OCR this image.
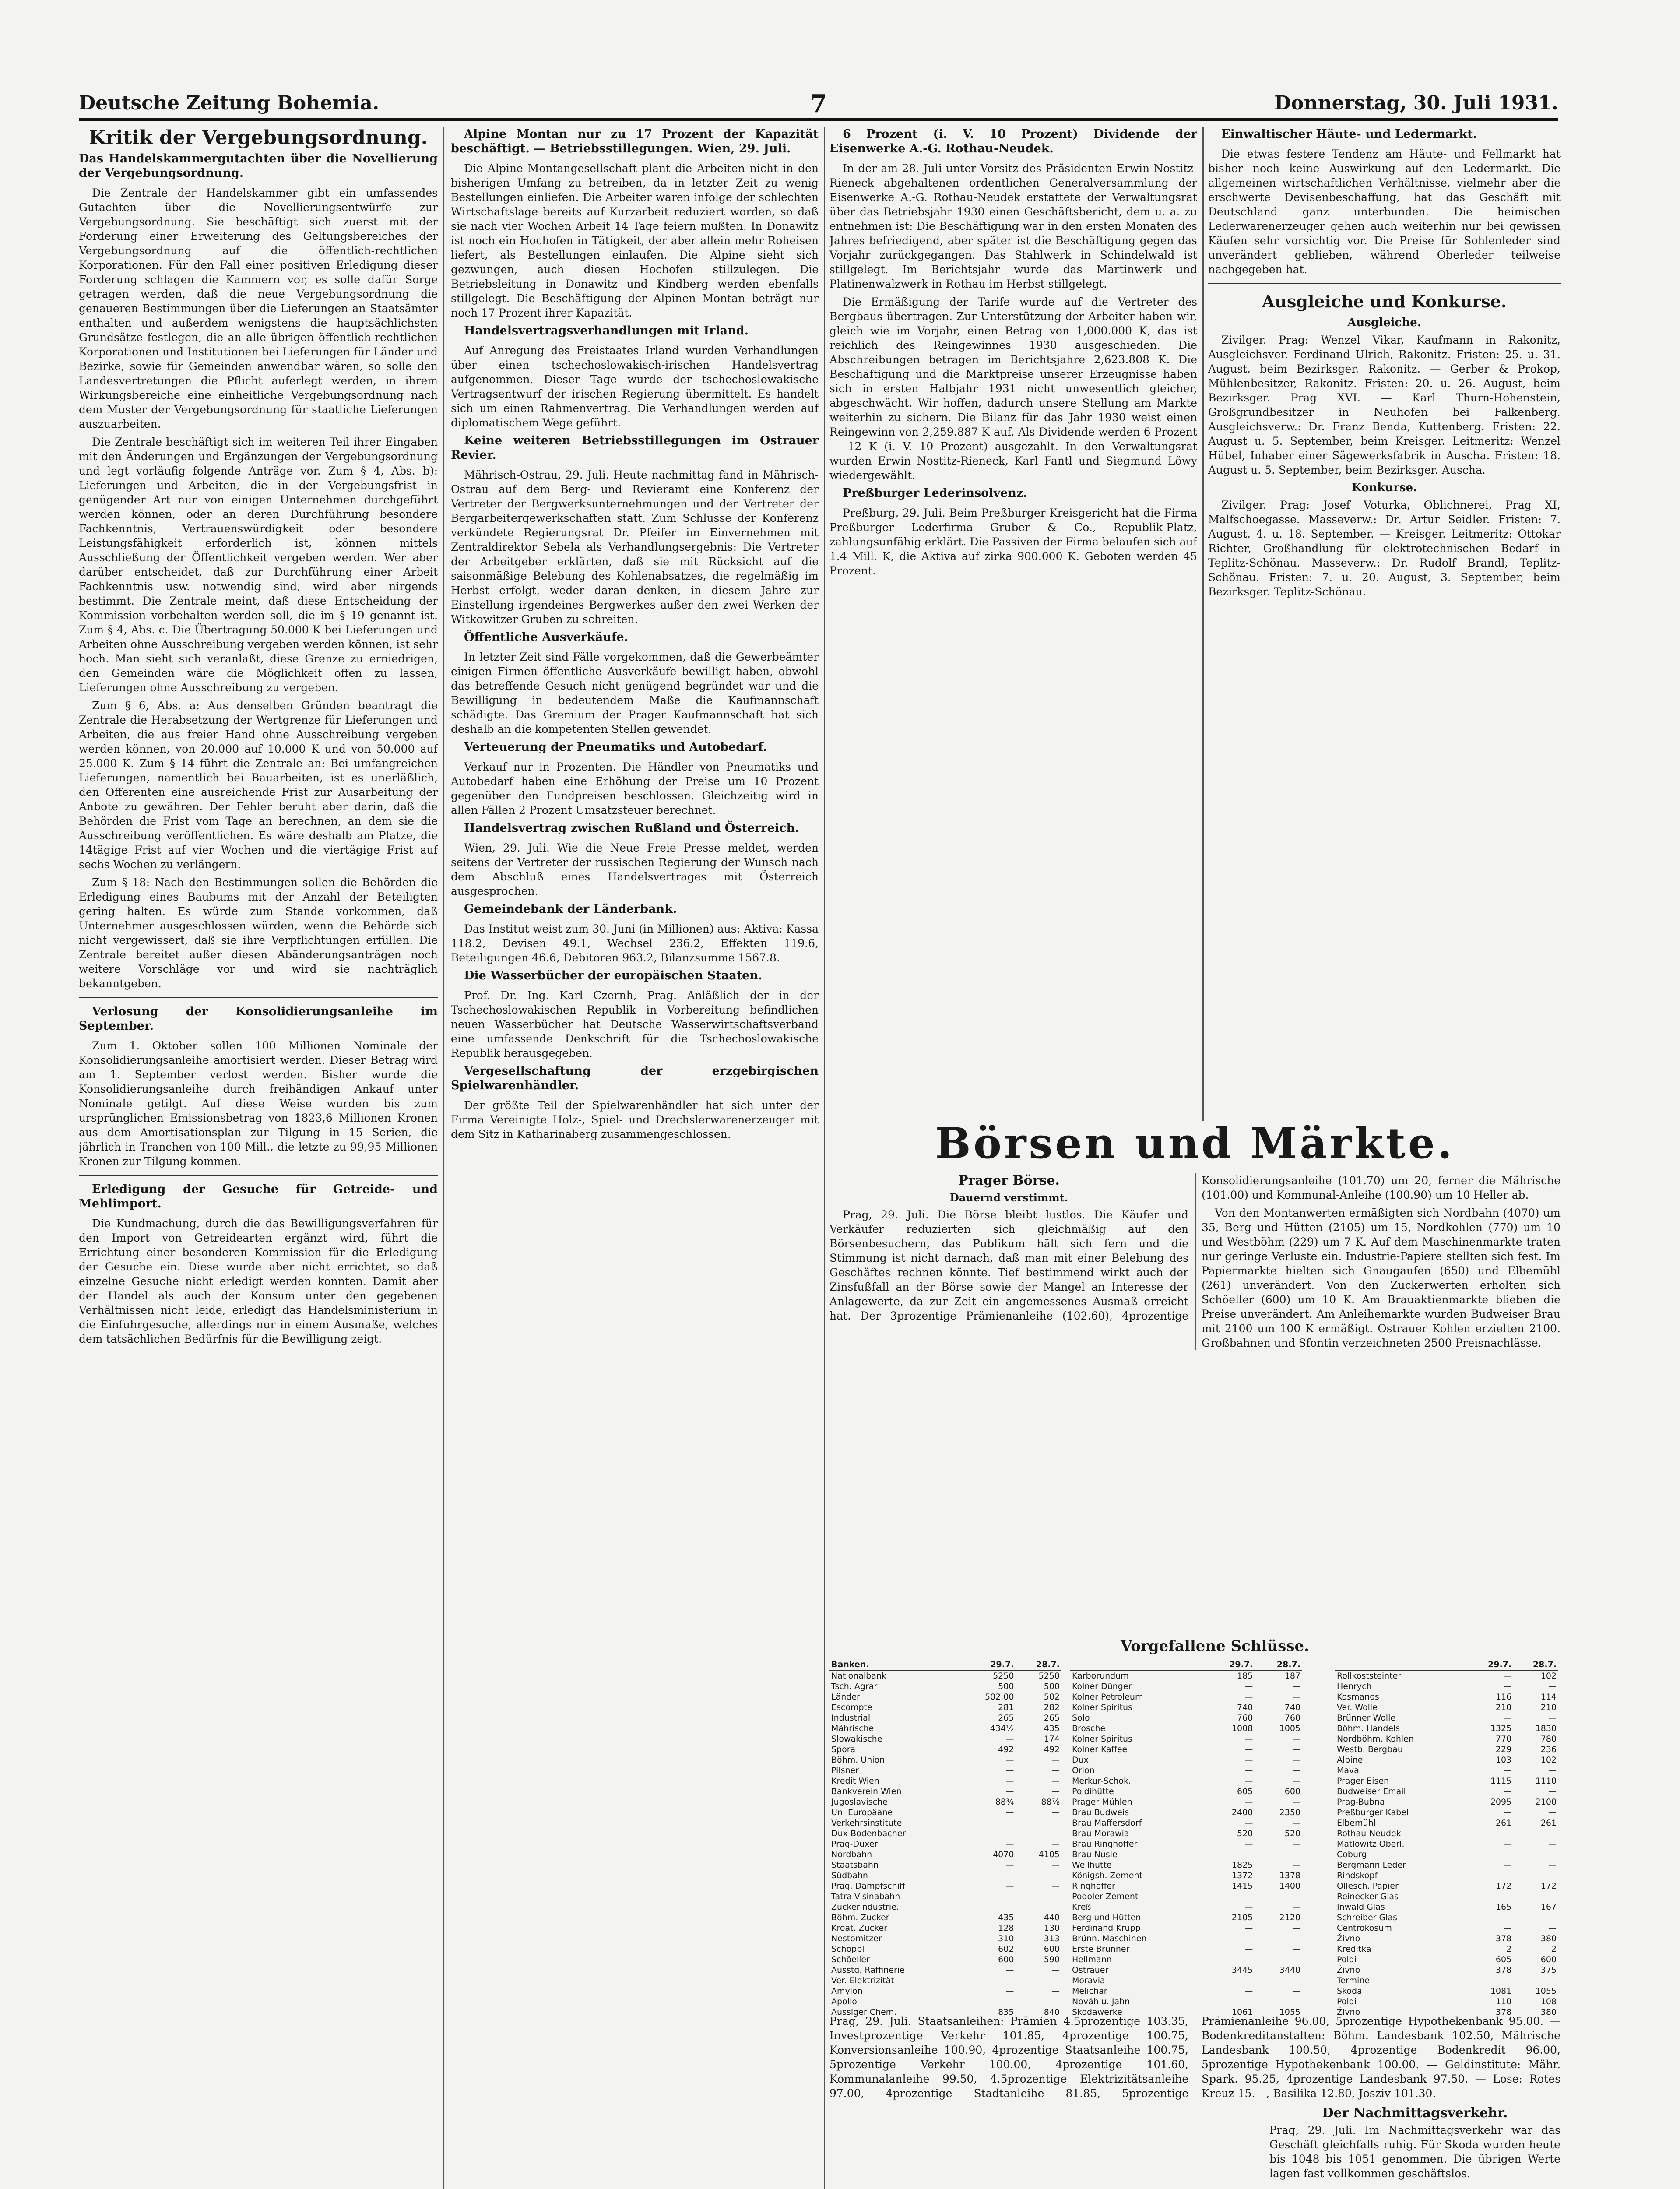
Deutsche Zeitung Bohemia.	7	Donnerstag, 30. Juli 1931.
Kritik der Vergebungsordnung.
Das Handelskammergutachten über die Novellierung der Vergebungsordnung.

Die Zentrale der Handelskammer gibt ein umfassendes Gutachten über die Novellierungsentwürfe zur Vergebungsordnung. Sie beschäftigt sich zuerst mit der Forderung einer Erweiterung des Geltungsbereiches der Vergebungsordnung auf die öffentlich-rechtlichen Korporationen. Für den Fall einer positiven Erledigung dieser Forderung schlagen die Kammern vor, es solle dafür Sorge getragen werden, daß die neue Vergebungsordnung die genaueren Bestimmungen über die Lieferungen an Staatsämter enthalten und außerdem wenigstens die hauptsächlichsten Grundsätze festlegen, die an alle übrigen öffentlich-rechtlichen Korporationen und Institutionen bei Lieferungen für Länder und Bezirke, sowie für Gemeinden anwendbar wären, so solle den Landesvertretungen die Pflicht auferlegt werden, in ihrem Wirkungsbereiche eine einheitliche Vergebungsordnung nach dem Muster der Vergebungsordnung für staatliche Lieferungen auszuarbeiten.

Die Zentrale beschäftigt sich im weiteren Teil ihrer Eingaben mit den Änderungen und Ergänzungen der Vergebungsordnung und legt vorläufig folgende Anträge vor. Zum § 4, Abs. b): Lieferungen und Arbeiten, die in der Vergebungsfrist in genügender Art nur von einigen Unternehmen durchgeführt werden können, oder an deren Durchführung besondere Fachkenntnis, Vertrauenswürdigkeit oder besondere Leistungsfähigkeit erforderlich ist, können mittels Ausschließung der Öffentlichkeit vergeben werden. Wer aber darüber entscheidet, daß zur Durchführung einer Arbeit Fachkenntnis usw. notwendig sind, wird aber nirgends bestimmt. Die Zentrale meint, daß diese Entscheidung der Kommission vorbehalten werden soll, die im § 19 genannt ist. Zum § 4, Abs. c. Die Übertragung 50.000 K bei Lieferungen und Arbeiten ohne Ausschreibung vergeben werden können, ist sehr hoch. Man sieht sich veranlaßt, diese Grenze zu erniedrigen, den Gemeinden wäre die Möglichkeit offen zu lassen, Lieferungen ohne Ausschreibung zu vergeben.

Zum § 6, Abs. a: Aus denselben Gründen beantragt die Zentrale die Herabsetzung der Wertgrenze für Lieferungen und Arbeiten, die aus freier Hand ohne Ausschreibung vergeben werden können, von 20.000 auf 10.000 K und von 50.000 auf 25.000 K. Zum § 14 führt die Zentrale an: Bei umfangreichen Lieferungen, namentlich bei Bauarbeiten, ist es unerläßlich, den Offerenten eine ausreichende Frist zur Ausarbeitung der Anbote zu gewähren. Der Fehler beruht aber darin, daß die Behörden die Frist vom Tage an berechnen, an dem sie die Ausschreibung veröffentlichen. Es wäre deshalb am Platze, die 14tägige Frist auf vier Wochen und die viertägige Frist auf sechs Wochen zu verlängern.

Zum § 18: Nach den Bestimmungen sollen die Behörden die Erledigung eines Baubums mit der Anzahl der Beteiligten gering halten. Es würde zum Stande vorkommen, daß Unternehmer ausgeschlossen würden, wenn die Behörde sich nicht vergewissert, daß sie ihre Verpflichtungen erfüllen. Die Zentrale bereitet außer diesen Abänderungsanträgen noch weitere Vorschläge vor und wird sie nachträglich bekanntgeben.

Verlosung der Konsolidierungsanleihe im September.

Zum 1. Oktober sollen 100 Millionen Nominale der Konsolidierungsanleihe amortisiert werden. Dieser Betrag wird am 1. September verlost werden. Bisher wurde die Konsolidierungsanleihe durch freihändigen Ankauf unter Nominale getilgt. Auf diese Weise wurden bis zum ursprünglichen Emissionsbetrag von 1823,6 Millionen Kronen aus dem Amortisationsplan zur Tilgung in 15 Serien, die jährlich in Tranchen von 100 Mill., die letzte zu 99,95 Millionen Kronen zur Tilgung kommen.

Erledigung der Gesuche für Getreide- und Mehlimport.

Die Kundmachung, durch die das Bewilligungsverfahren für den Import von Getreidearten ergänzt wird, führt die Errichtung einer besonderen Kommission für die Erledigung der Gesuche ein. Diese wurde aber nicht errichtet, so daß einzelne Gesuche nicht erledigt werden konnten. Damit aber der Handel als auch der Konsum unter den gegebenen Verhältnissen nicht leide, erledigt das Handelsministerium in die Einfuhrgesuche, allerdings nur in einem Ausmaße, welches dem tatsächlichen Bedürfnis für die Bewilligung zeigt.

Alpine Montan nur zu 17 Prozent der Kapazität beschäftigt. — Betriebsstillegungen. Wien, 29. Juli.

Die Alpine Montangesellschaft plant die Arbeiten nicht in den bisherigen Umfang zu betreiben, da in letzter Zeit zu wenig Bestellungen einliefen. Die Arbeiter waren infolge der schlechten Wirtschaftslage bereits auf Kurzarbeit reduziert worden, so daß sie nach vier Wochen Arbeit 14 Tage feiern mußten. In Donawitz ist noch ein Hochofen in Tätigkeit, der aber allein mehr Roheisen liefert, als Bestellungen einlaufen. Die Alpine sieht sich gezwungen, auch diesen Hochofen stillzulegen. Die Betriebsleitung in Donawitz und Kindberg werden ebenfalls stillgelegt. Die Beschäftigung der Alpinen Montan beträgt nur noch 17 Prozent ihrer Kapazität.

Handelsvertragsverhandlungen mit Irland.

Auf Anregung des Freistaates Irland wurden Verhandlungen über einen tschechoslowakisch-irischen Handelsvertrag aufgenommen. Dieser Tage wurde der tschechoslowakische Vertragsentwurf der irischen Regierung übermittelt. Es handelt sich um einen Rahmenvertrag. Die Verhandlungen werden auf diplomatischem Wege geführt.

Keine weiteren Betriebsstillegungen im Ostrauer Revier.

Mährisch-Ostrau, 29. Juli. Heute nachmittag fand in Mährisch-Ostrau auf dem Berg- und Revieramt eine Konferenz der Vertreter der Bergwerksunternehmungen und der Vertreter der Bergarbeitergewerkschaften statt. Zum Schlusse der Konferenz verkündete Regierungsrat Dr. Pfeifer im Einvernehmen mit Zentraldirektor Sebela als Verhandlungsergebnis: Die Vertreter der Arbeitgeber erklärten, daß sie mit Rücksicht auf die saisonmäßige Belebung des Kohlenabsatzes, die regelmäßig im Herbst erfolgt, weder daran denken, in diesem Jahre zur Einstellung irgendeines Bergwerkes außer den zwei Werken der Witkowitzer Gruben zu schreiten.

Öffentliche Ausverkäufe.

In letzter Zeit sind Fälle vorgekommen, daß die Gewerbeämter einigen Firmen öffentliche Ausverkäufe bewilligt haben, obwohl das betreffende Gesuch nicht genügend begründet war und die Bewilligung in bedeutendem Maße die Kaufmannschaft schädigte. Das Gremium der Prager Kaufmannschaft hat sich deshalb an die kompetenten Stellen gewendet.

Verteuerung der Pneumatiks und Autobedarf.

Verkauf nur in Prozenten. Die Händler von Pneumatiks und Autobedarf haben eine Erhöhung der Preise um 10 Prozent gegenüber den Fundpreisen beschlossen. Gleichzeitig wird in allen Fällen 2 Prozent Umsatzsteuer berechnet.

Handelsvertrag zwischen Rußland und Österreich.

Wien, 29. Juli. Wie die Neue Freie Presse meldet, werden seitens der Vertreter der russischen Regierung der Wunsch nach dem Abschluß eines Handelsvertrages mit Österreich ausgesprochen.

Gemeindebank der Länderbank.

Das Institut weist zum 30. Juni (in Millionen) aus: Aktiva: Kassa 118.2, Devisen 49.1, Wechsel 236.2, Effekten 119.6, Beteiligungen 46.6, Debitoren 963.2, Bilanzsumme 1567.8.

Die Wasserbücher der europäischen Staaten.

Prof. Dr. Ing. Karl Czernh, Prag. Anläßlich der in der Tschechoslowakischen Republik in Vorbereitung befindlichen neuen Wasserbücher hat Deutsche Wasserwirtschaftsverband eine umfassende Denkschrift für die Tschechoslowakische Republik herausgegeben.

Vergesellschaftung der erzgebirgischen Spielwarenhändler.

Der größte Teil der Spielwarenhändler hat sich unter der Firma Vereinigte Holz-, Spiel- und Drechslerwarenerzeuger mit dem Sitz in Katharinaberg zusammengeschlossen.

6 Prozent (i. V. 10 Prozent) Dividende der Eisenwerke A.-G. Rothau-Neudek.

In der am 28. Juli unter Vorsitz des Präsidenten Erwin Nostitz-Rieneck abgehaltenen ordentlichen Generalversammlung der Eisenwerke A.-G. Rothau-Neudek erstattete der Verwaltungsrat über das Betriebsjahr 1930 einen Geschäftsbericht, dem u. a. zu entnehmen ist: Die Beschäftigung war in den ersten Monaten des Jahres befriedigend, aber später ist die Beschäftigung gegen das Vorjahr zurückgegangen. Das Stahlwerk in Schindelwald ist stillgelegt. Im Berichtsjahr wurde das Martinwerk und Platinenwalzwerk in Rothau im Herbst stillgelegt.

Die Ermäßigung der Tarife wurde auf die Vertreter des Bergbaus übertragen. Zur Unterstützung der Arbeiter haben wir, gleich wie im Vorjahr, einen Betrag von 1,000.000 K, das ist reichlich des Reingewinnes 1930 ausgeschieden. Die Abschreibungen betragen im Berichtsjahre 2,623.808 K. Die Beschäftigung und die Marktpreise unserer Erzeugnisse haben sich in ersten Halbjahr 1931 nicht unwesentlich gleicher, abgeschwächt. Wir hoffen, dadurch unsere Stellung am Markte weiterhin zu sichern. Die Bilanz für das Jahr 1930 weist einen Reingewinn von 2,259.887 K auf. Als Dividende werden 6 Prozent — 12 K (i. V. 10 Prozent) ausgezahlt. In den Verwaltungsrat wurden Erwin Nostitz-Rieneck, Karl Fantl und Siegmund Löwy wiedergewählt.

Preßburger Lederinsolvenz.

Preßburg, 29. Juli. Beim Preßburger Kreisgericht hat die Firma Preßburger Lederfirma Gruber & Co., Republik-Platz, zahlungsunfähig erklärt. Die Passiven der Firma belaufen sich auf 1.4 Mill. K, die Aktiva auf zirka 900.000 K. Geboten werden 45 Prozent.

Einwaltischer Häute- und Ledermarkt.

Die etwas festere Tendenz am Häute- und Fellmarkt hat bisher noch keine Auswirkung auf den Ledermarkt. Die allgemeinen wirtschaftlichen Verhältnisse, vielmehr aber die erschwerte Devisenbeschaffung, hat das Geschäft mit Deutschland ganz unterbunden. Die heimischen Lederwarenerzeuger gehen auch weiterhin nur bei gewissen Käufen sehr vorsichtig vor. Die Preise für Sohlenleder sind unverändert geblieben, während Oberleder teilweise nachgegeben hat.

Ausgleiche und Konkurse.
Ausgleiche.

Zivilger. Prag: Wenzel Vikar, Kaufmann in Rakonitz, Ausgleichsver. Ferdinand Ulrich, Rakonitz. Fristen: 25. u. 31. August, beim Bezirksger. Rakonitz. — Gerber & Prokop, Mühlenbesitzer, Rakonitz. Fristen: 20. u. 26. August, beim Bezirksger. Prag XVI. — Karl Thurn-Hohenstein, Großgrundbesitzer in Neuhofen bei Falkenberg. Ausgleichsverw.: Dr. Franz Benda, Kuttenberg. Fristen: 22. August u. 5. September, beim Kreisger. Leitmeritz: Wenzel Hübel, Inhaber einer Sägewerksfabrik in Auscha. Fristen: 18. August u. 5. September, beim Bezirksger. Auscha.

Konkurse.

Zivilger. Prag: Josef Voturka, Oblichnerei, Prag XI, Malfschoegasse. Masseverw.: Dr. Artur Seidler. Fristen: 7. August, 4. u. 18. September. — Kreisger. Leitmeritz: Ottokar Richter, Großhandlung für elektrotechnischen Bedarf in Teplitz-Schönau. Masseverw.: Dr. Rudolf Brandl, Teplitz-Schönau. Fristen: 7. u. 20. August, 3. September, beim Bezirksger. Teplitz-Schönau.

Börsen und Märkte.
Prager Börse.
Dauernd verstimmt.

Prag, 29. Juli. Die Börse bleibt lustlos. Die Käufer und Verkäufer reduzierten sich gleichmäßig auf den Börsenbesuchern, das Publikum hält sich fern und die Stimmung ist nicht darnach, daß man mit einer Belebung des Geschäftes rechnen könnte. Tief bestimmend wirkt auch der Zinsfußfall an der Börse sowie der Mangel an Interesse der Anlagewerte, da zur Zeit ein angemessenes Ausmaß erreicht hat. Der 3prozentige Prämienanleihe (102.60), 4prozentige Konsolidierungsanleihe (101.70) um 20, ferner die Mährische (101.00) und Kommunal-Anleihe (100.90) um 10 Heller ab.

Von den Montanwerten ermäßigten sich Nordbahn (4070) um 35, Berg und Hütten (2105) um 15, Nordkohlen (770) um 10 und Westböhm (229) um 7 K. Auf dem Maschinenmarkte traten nur geringe Verluste ein. Industrie-Papiere stellten sich fest. Im Papiermarkte hielten sich Gnaugaufen (650) und Elbemühl (261) unverändert. Von den Zuckerwerten erholten sich Schöeller (600) um 10 K. Am Brauaktienmarkte blieben die Preise unverändert. Am Anleihemarkte wurden Budweiser Brau mit 2100 um 100 K ermäßigt. Ostrauer Kohlen erzielten 2100. Großbahnen und Sfontin verzeichneten 2500 Preisnachlässe.

Vorgefallene Schlüsse.
Banken.	29.7.	28.7.
Nationalbank	5250	5250
Tsch. Agrar	500	500
Länder	502.00	502
Escompte	281	282
Industrial	265	265
Mährische	434½	435
Slowakische	—	174
Spora	492	492
Böhm. Union	—	—
Pilsner	—	—
Kredit Wien	—	—
Bankverein Wien	—	—
Jugoslavische	88¾	88⅞
Un. Europäane	—	—
Verkehrsinstitute		
Dux-Bodenbacher	—	—
Prag-Duxer	—	—
Nordbahn	4070	4105
Staatsbahn	—	—
Südbahn	—	—
Prag. Dampfschiff	—	—
Tatra-Visinabahn	—	—
Zuckerindustrie.		
Böhm. Zucker	435	440
Kroat. Zucker	128	130
Nestomitzer	310	313
Schöppl	602	600
Schöeller	600	590
Ausstg. Raffinerie	—	—
Ver. Elektrizität	—	—
Amylon	—	—
Apollo	—	—
Aussiger Chem.	835	840
	29.7.	28.7.
Karborundum	185	187
Kolner Dünger	—	—
Kolner Petroleum	—	—
Kolner Spiritus	740	740
Solo	760	760
Brosche	1008	1005
Kolner Spiritus	—	—
Kolner Kaffee	—	—
Dux	—	—
Orion	—	—
Merkur-Schok.	—	—
Poldihütte	605	600
Prager Mühlen	—	—
Brau Budweis	2400	2350
Brau Maffersdorf	—	—
Brau Morawia	520	520
Brau Ringhoffer	—	—
Brau Nusle	—	—
Wellhütte	1825	—
Königsh. Zement	1372	1378
Ringhoffer	1415	1400
Podoler Zement	—	—
Kreß	—	—
Berg und Hütten	2105	2120
Ferdinand Krupp	—	—
Brünn. Maschinen	—	—
Erste Brünner	—	—
Hellmann	—	—
Ostrauer	3445	3440
Moravia	—	—
Melichar	—	—
Nováh u. Jahn	—	—
Skodawerke	1061	1055
	29.7.	28.7.
Rollkoststeinter	—	102
Henrych	—	—
Kosmanos	116	114
Ver. Wolle	210	210
Brünner Wolle	—	—
Böhm. Handels	1325	1830
Nordböhm. Kohlen	770	780
Westb. Bergbau	229	236
Alpine	103	102
Mava	—	—
Prager Eisen	1115	1110
Budweiser Email	—	—
Prag-Bubna	2095	2100
Preßburger Kabel	—	—
Elbemühl	261	261
Rothau-Neudek	—	—
Matlowitz Oberl.	—	—
Coburg	—	—
Bergmann Leder	—	—
Rindskopf	—	—
Ollesch. Papier	172	172
Reinecker Glas	—	—
Inwald Glas	165	167
Schreiber Glas	—	—
Centrokosum	—	—
Živno	378	380
Kreditka	2	2
Poldi	605	600
Živno	378	375
Termine		
Skoda	1081	1055
Poldi	110	108
Živno	378	380
Prag, 29. Juli. Staatsanleihen: Prämien 4.5prozentige 103.35, Investprozentige Verkehr 101.85, 4prozentige 100.75, Konversionsanleihe 100.90, 4prozentige Staatsanleihe 100.75, 5prozentige Verkehr 100.00, 4prozentige 101.60, Kommunalanleihe 99.50, 4.5prozentige Elektrizitätsanleihe 97.00, 4prozentige Stadtanleihe 81.85, 5prozentige Prämienanleihe 96.00, 5prozentige Hypothekenbank 95.00. — Bodenkreditanstalten: Böhm. Landesbank 102.50, Mährische Landesbank 100.50, 4prozentige Bodenkredit 96.00, 5prozentige Hypothekenbank 100.00. — Geldinstitute: Mähr. Spark. 95.25, 4prozentige Landesbank 97.50. — Lose: Rotes Kreuz 15.—, Basilika 12.80, Josziv 101.30.
Der Nachmittagsverkehr.
Prag, 29. Juli. Im Nachmittagsverkehr war das Geschäft gleichfalls ruhig. Für Skoda wurden heute bis 1048 bis 1051 genommen. Die übrigen Werte lagen fast vollkommen geschäftslos.
